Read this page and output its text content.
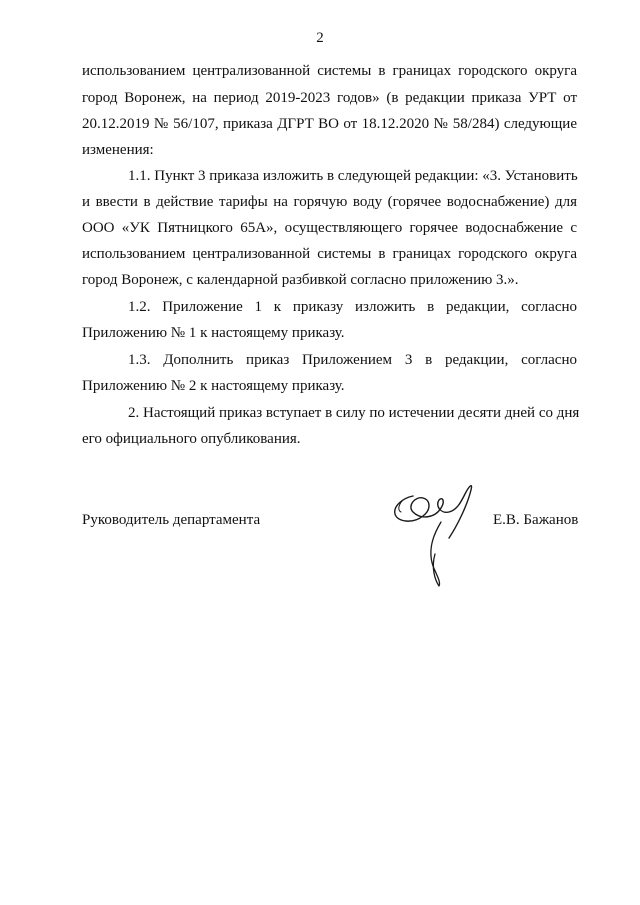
2
использованием централизованной системы в границах городского округа
город Воронеж, на период 2019-2023 годов» (в редакции приказа УРТ от
20.12.2019 № 56/107, приказа ДГРТ ВО от 18.12.2020 № 58/284) следующие
изменения:
1.1. Пункт 3 приказа изложить в следующей редакции: «3. Установить
и ввести в действие тарифы на горячую воду (горячее водоснабжение) для
ООО «УК Пятницкого 65А», осуществляющего горячее водоснабжение с
использованием централизованной системы в границах городского округа
город Воронеж, с календарной разбивкой согласно приложению 3.».
1.2. Приложение 1 к приказу изложить в редакции, согласно
Приложению № 1 к настоящему приказу.
1.3. Дополнить приказ Приложением 3 в редакции, согласно
Приложению № 2 к настоящему приказу.
2. Настоящий приказ вступает в силу по истечении десяти дней со дня
его официального опубликования.
Руководитель департамента	Е.В. Бажанов
